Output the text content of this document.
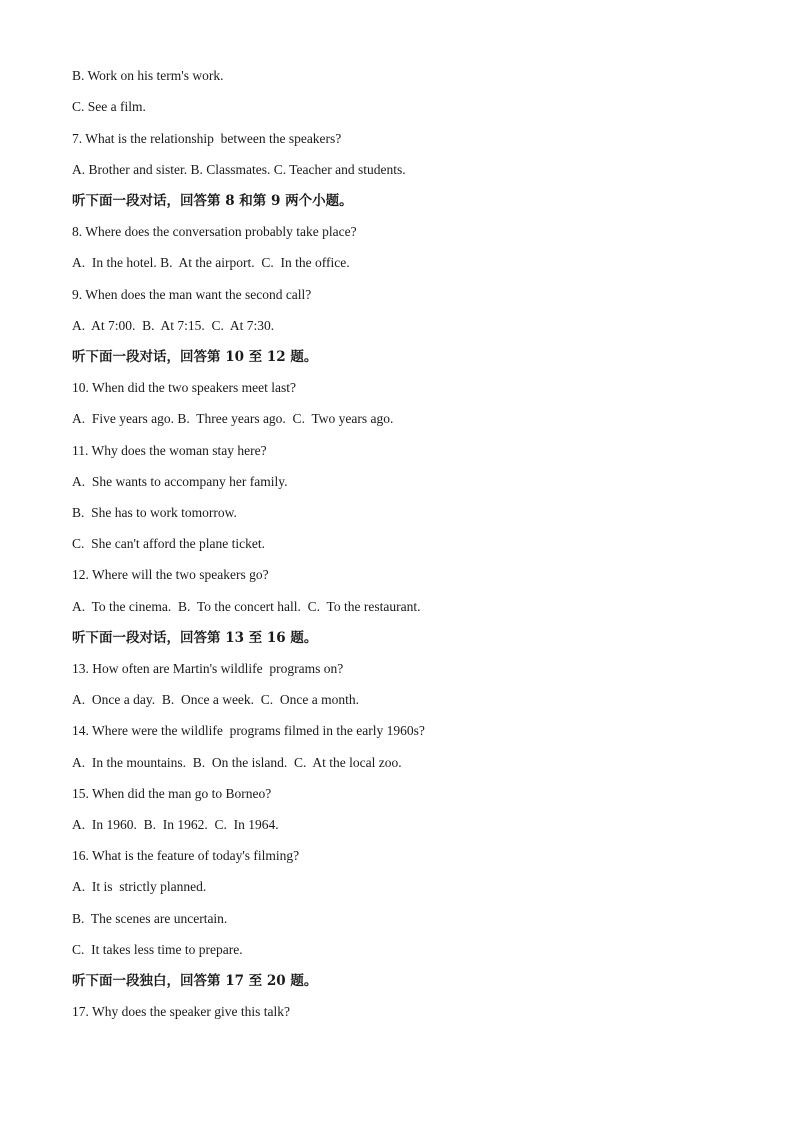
B. Work on his term's work.
C. See a film.
7. What is the relationship  between the speakers?
A. Brother and sister. B. Classmates. C. Teacher and students.
听下面一段对话，回答第 8 和第 9 两个小题。
8. Where does the conversation probably take place?
A.  In the hotel. B.  At the airport.  C.  In the office.
9. When does the man want the second call?
A.  At 7:00.  B.  At 7:15.  C.  At 7:30.
听下面一段对话，回答第 10 至 12 题。
10. When did the two speakers meet last?
A.  Five years ago. B.  Three years ago.  C.  Two years ago.
11. Why does the woman stay here?
A.  She wants to accompany her family.
B.  She has to work tomorrow.
C.  She can't afford the plane ticket.
12. Where will the two speakers go?
A.  To the cinema.  B.  To the concert hall.  C.  To the restaurant.
听下面一段对话，回答第 13 至 16 题。
13. How often are Martin's wildlife  programs on?
A.  Once a day.  B.  Once a week.  C.  Once a month.
14. Where were the wildlife  programs filmed in the early 1960s?
A.  In the mountains.  B.  On the island.  C.  At the local zoo.
15. When did the man go to Borneo?
A.  In 1960.  B.  In 1962.  C.  In 1964.
16. What is the feature of today's filming?
A.  It is  strictly planned.
B.  The scenes are uncertain.
C.  It takes less time to prepare.
听下面一段独白，回答第 17 至 20 题。
17. Why does the speaker give this talk?
